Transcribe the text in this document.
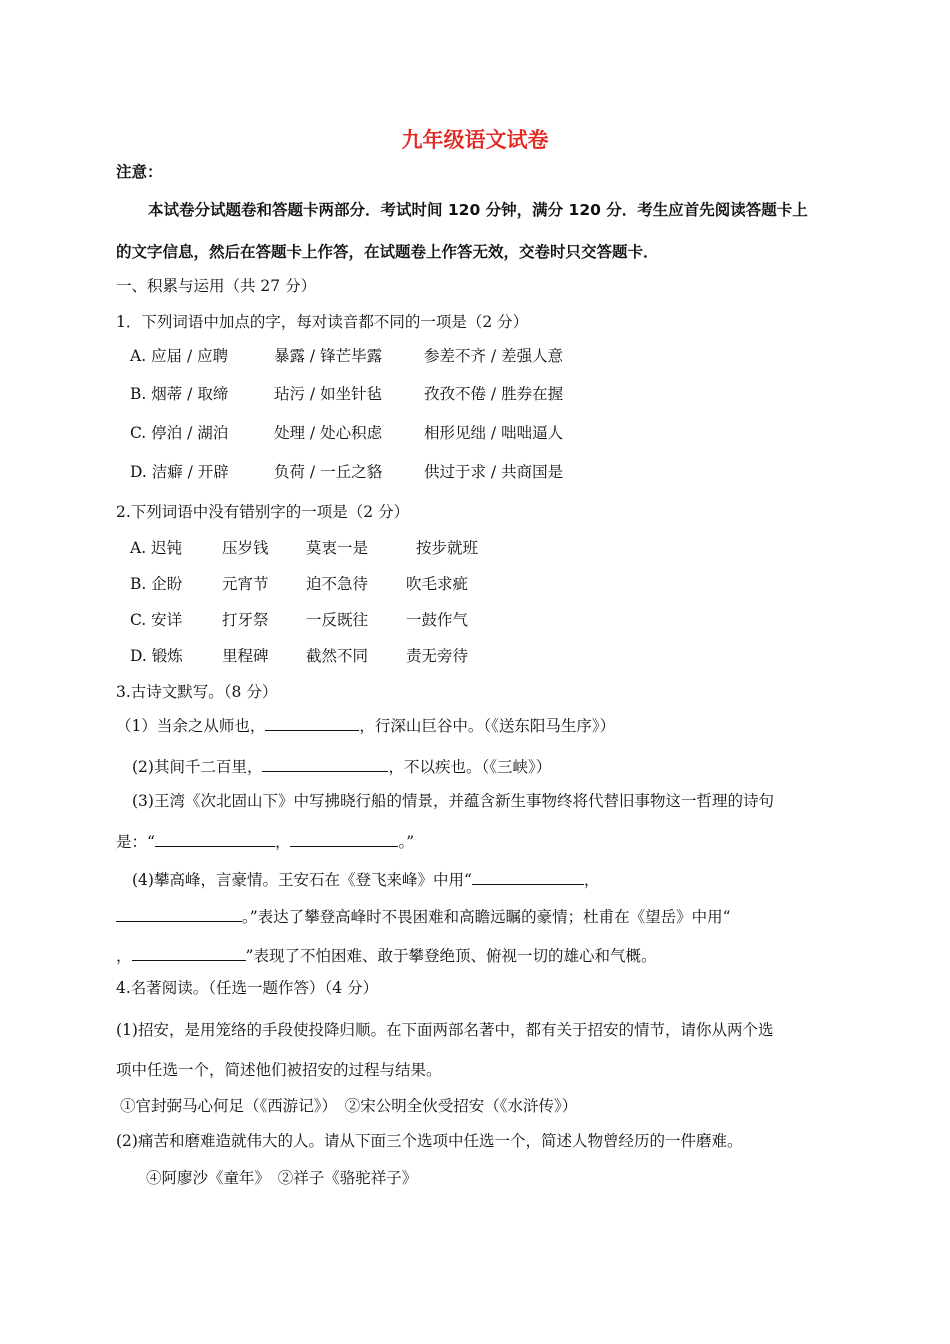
九年级语文试卷
注意：
本试卷分试题卷和答题卡两部分．考试时间 120 分钟，满分 120 分．考生应首先阅读答题卡上
的文字信息，然后在答题卡上作答，在试题卷上作答无效，交卷时只交答题卡．
一、积累与运用（共 27 分）
1．下列词语中加点的字，每对读音都不同的一项是（2 分）
A. 应届 / 应聘	暴露 / 锋芒毕露	参差不齐 / 差强人意
B. 烟蒂 / 取缔	玷污 / 如坐针毡	孜孜不倦 / 胜券在握
C. 停泊 / 湖泊	处理 / 处心积虑	相形见绌 / 咄咄逼人
D. 洁癖 / 开辟	负荷 / 一丘之貉	供过于求 / 共商国是
2.下列词语中没有错别字的一项是（2 分）
A. 迟钝	压岁钱 莫衷一是	按步就班
B. 企盼	元宵节 迫不急待 吹毛求疵
C. 安详	打牙祭 一反既往 一鼓作气
D. 锻炼	里程碑 截然不同 责无旁待
3.古诗文默写。（8 分）
（1）当余之从师也，	，行深山巨谷中。（《送东阳马生序》）
(2)其间千二百里，	，不以疾也。（《三峡》）
(3)王湾《次北固山下》中写拂晓行船的情景，并蕴含新生事物终将代替旧事物这一哲理的诗句
是：“	，	。”
(4)攀高峰，言豪情。王安石在《登飞来峰》中用“	，
。”表达了攀登高峰时不畏困难和高瞻远瞩的豪情；杜甫在《望岳》中用“
，	”表现了不怕困难、敢于攀登绝顶、俯视一切的雄心和气概。
4.名著阅读。（任选一题作答）（4 分）
(1)招安，是用笼络的手段使投降归顺。在下面两部名著中，都有关于招安的情节，请你从两个选
项中任选一个，简述他们被招安的过程与结果。
①官封弼马心何足（《西游记》）　②宋公明全伙受招安（《水浒传》）
(2)痛苦和磨难造就伟大的人。请从下面三个选项中任选一个，简述人物曾经历的一件磨难。
④阿廖沙《童年》　②祥子《骆驼祥子》
